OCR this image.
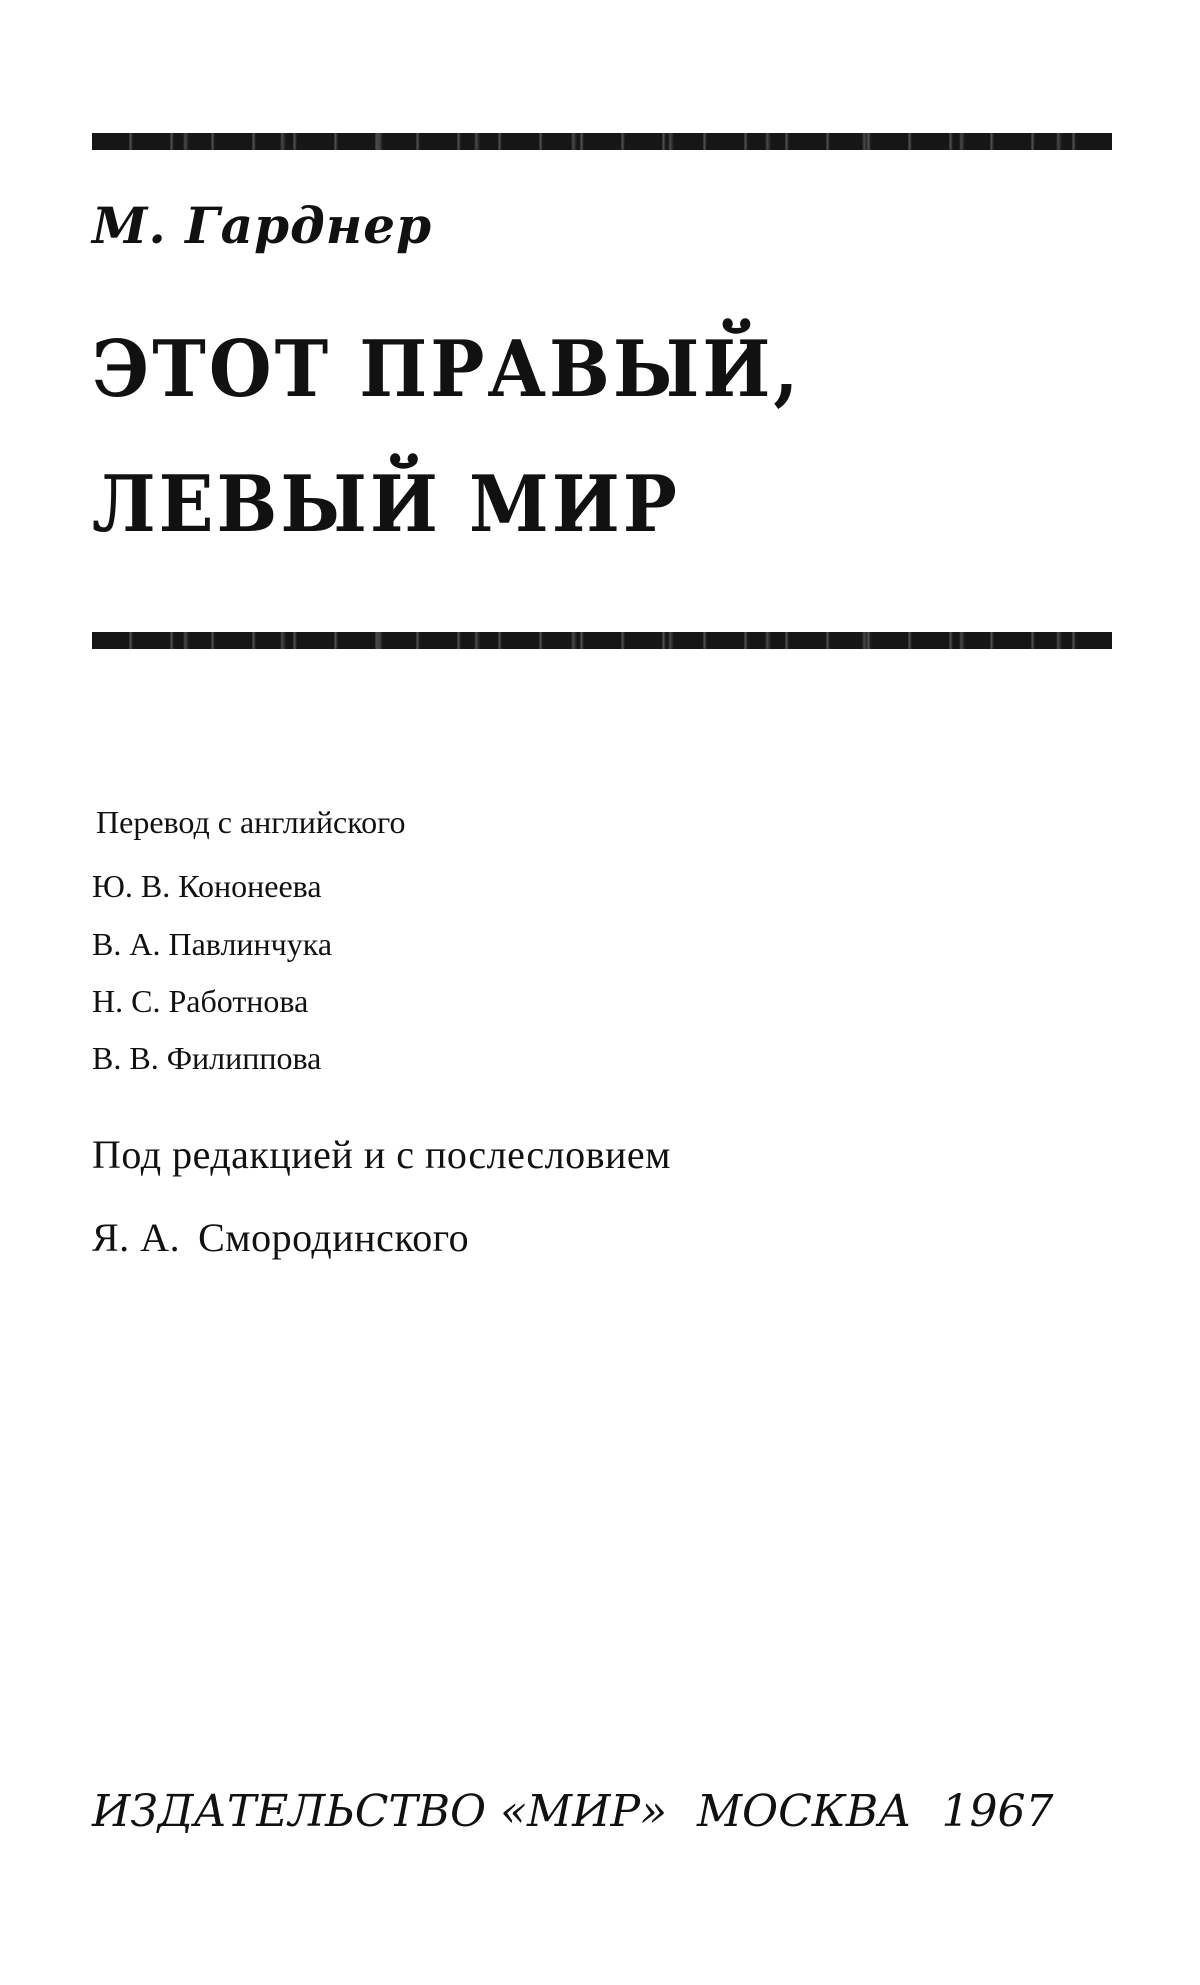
М. Гарднер

ЭТОТ ПРАВЫЙ,
ЛЕВЫЙ МИР

Перевод с английского

Ю. В. Кононеева

В. А. Павлинчука

Н. С. Работнова

В. В. Филиппова

Под редакцией и с послесловием

Я. А. Смородинского

ИЗДАТЕЛЬСТВО «МИР» МОСКВА 1967
